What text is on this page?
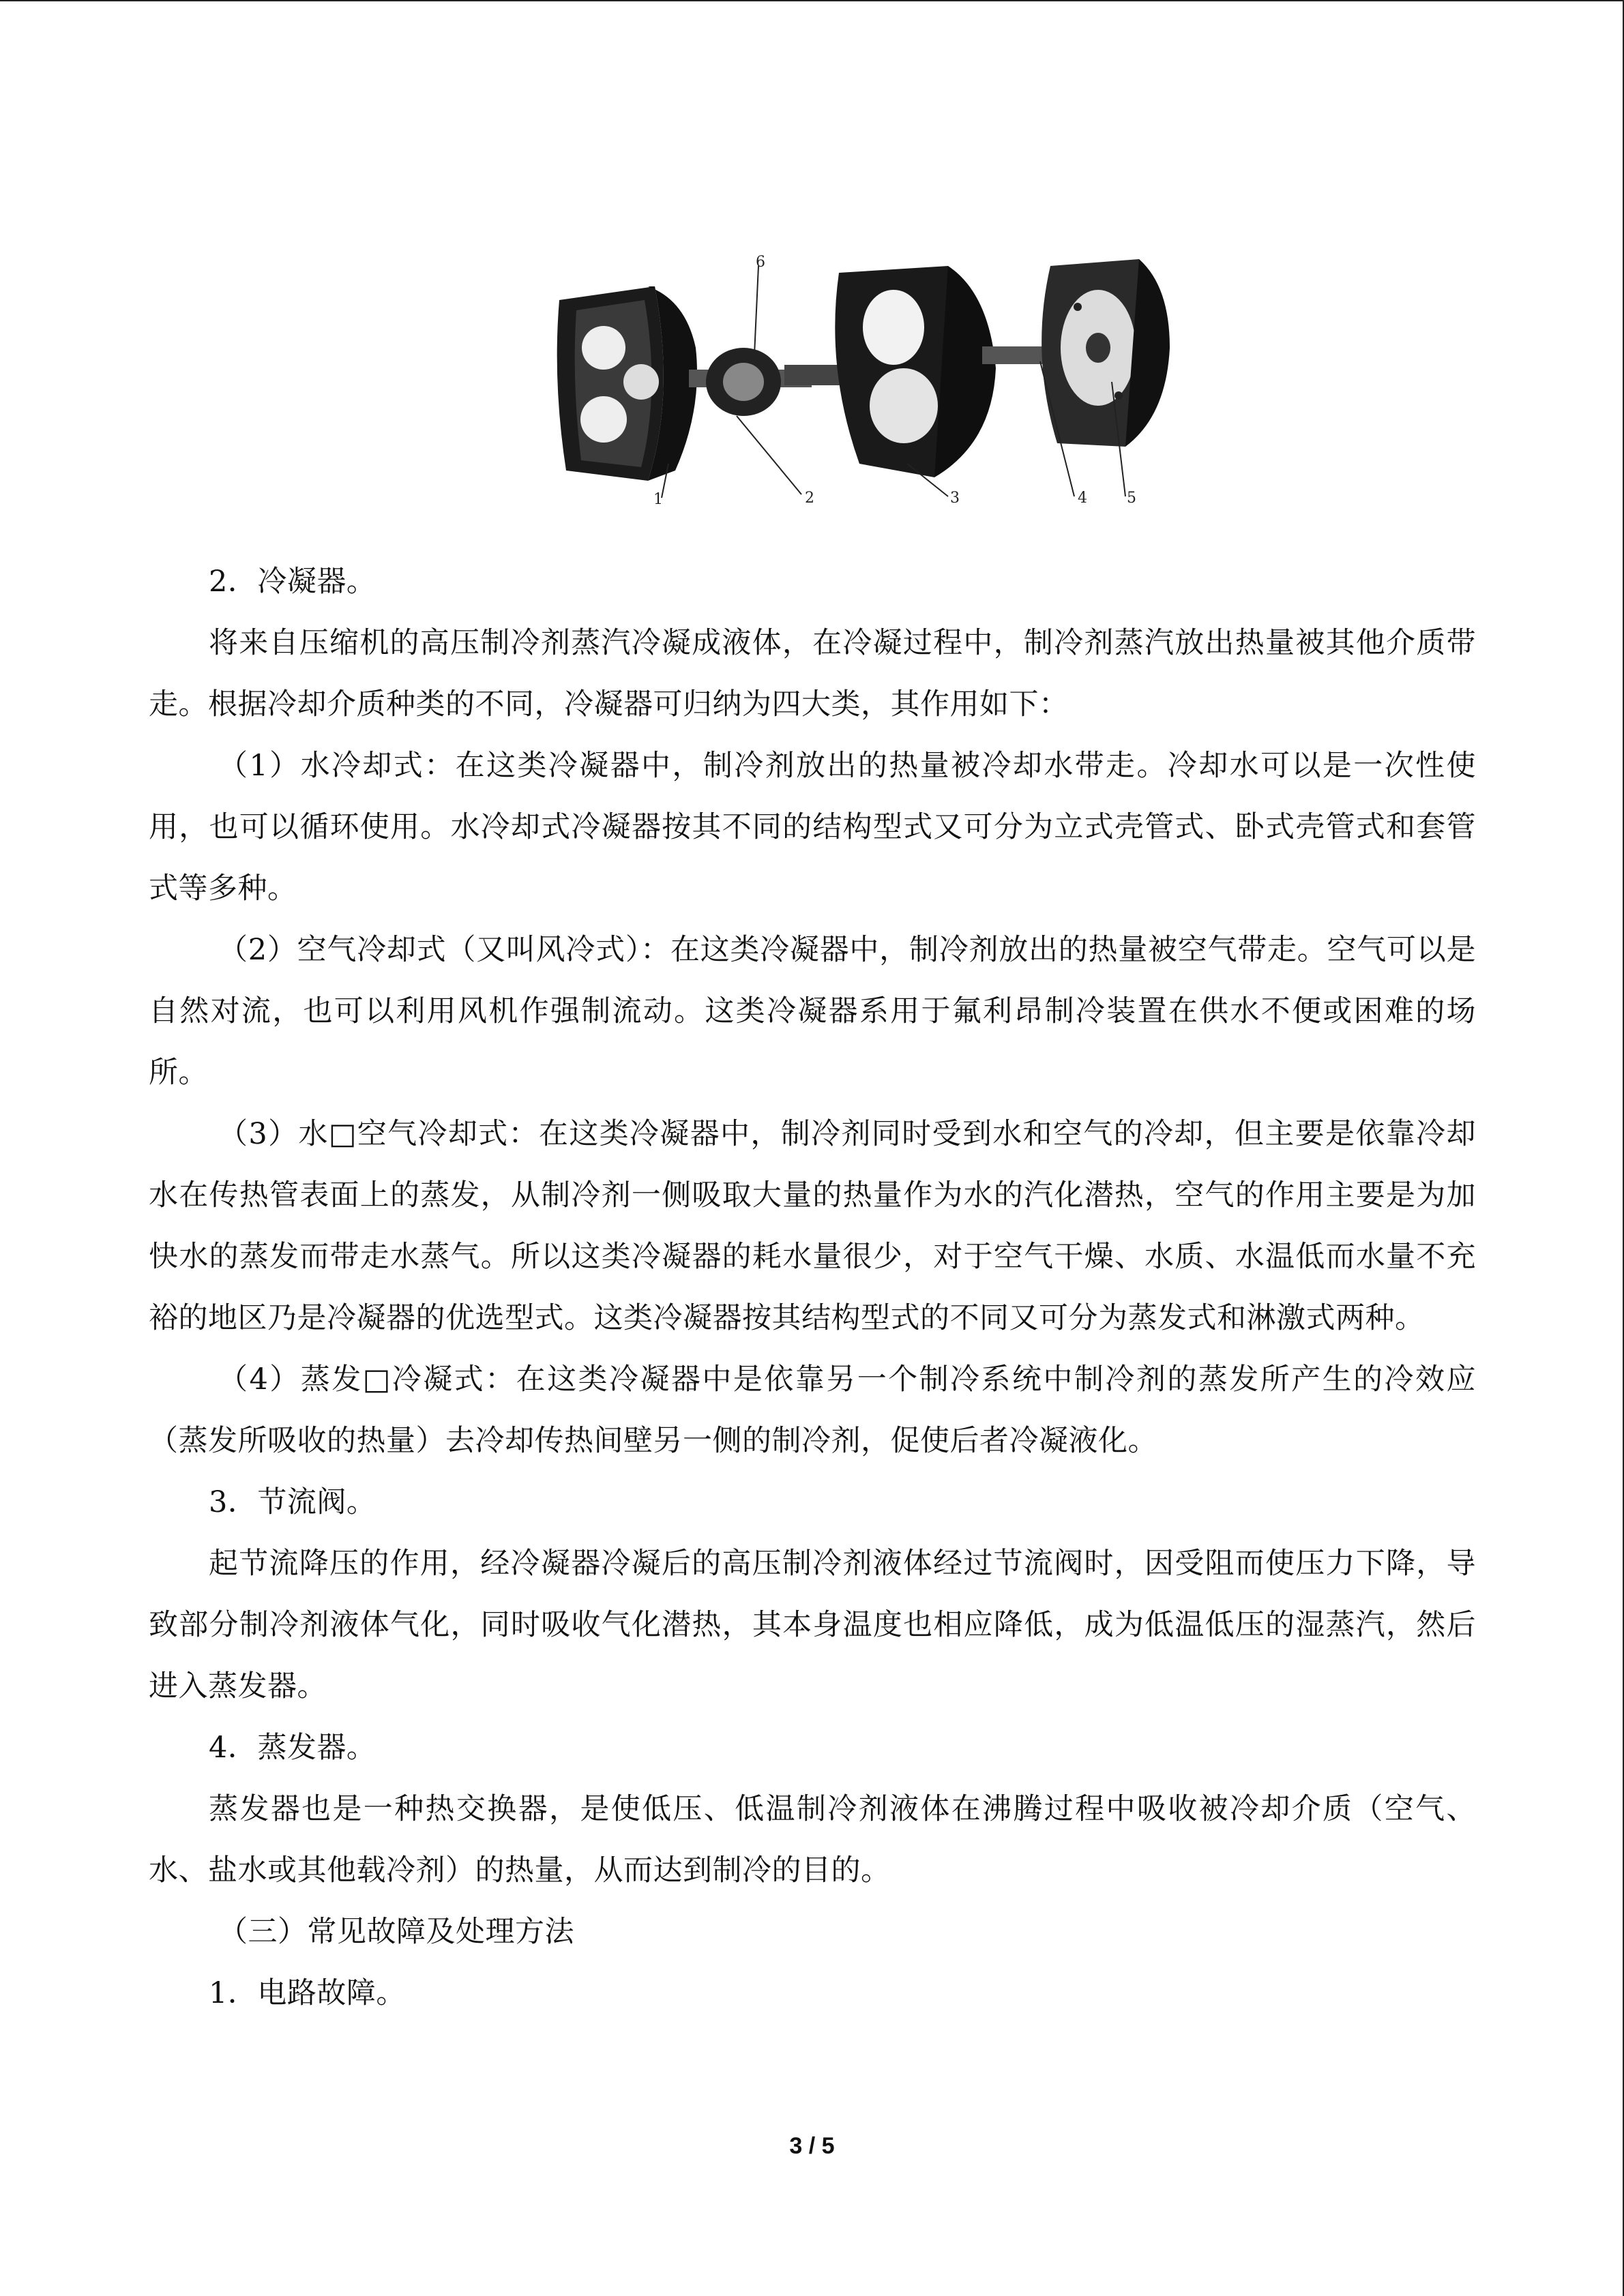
1	2	3	4	5
6

2．冷凝器。

将来自压缩机的高压制冷剂蒸汽冷凝成液体，在冷凝过程中，制冷剂蒸汽放出热量被其他介质带走。根据冷却介质种类的不同，冷凝器可归纳为四大类，其作用如下：

（1）水冷却式：在这类冷凝器中，制冷剂放出的热量被冷却水带走。冷却水可以是一次性使用，也可以循环使用。水冷却式冷凝器按其不同的结构型式又可分为立式壳管式、卧式壳管式和套管式等多种。

（2）空气冷却式（又叫风冷式）：在这类冷凝器中，制冷剂放出的热量被空气带走。空气可以是自然对流，也可以利用风机作强制流动。这类冷凝器系用于氟利昂制冷装置在供水不便或困难的场所。

（3）水□空气冷却式：在这类冷凝器中，制冷剂同时受到水和空气的冷却，但主要是依靠冷却水在传热管表面上的蒸发，从制冷剂一侧吸取大量的热量作为水的汽化潜热，空气的作用主要是为加快水的蒸发而带走水蒸气。所以这类冷凝器的耗水量很少，对于空气干燥、水质、水温低而水量不充裕的地区乃是冷凝器的优选型式。这类冷凝器按其结构型式的不同又可分为蒸发式和淋激式两种。

（4）蒸发□冷凝式：在这类冷凝器中是依靠另一个制冷系统中制冷剂的蒸发所产生的冷效应（蒸发所吸收的热量）去冷却传热间壁另一侧的制冷剂，促使后者冷凝液化。

3．节流阀。

起节流降压的作用，经冷凝器冷凝后的高压制冷剂液体经过节流阀时，因受阻而使压力下降，导致部分制冷剂液体气化，同时吸收气化潜热，其本身温度也相应降低，成为低温低压的湿蒸汽，然后进入蒸发器。

4．蒸发器。

蒸发器也是一种热交换器，是使低压、低温制冷剂液体在沸腾过程中吸收被冷却介质（空气、水、盐水或其他载冷剂）的热量，从而达到制冷的目的。

（三）常见故障及处理方法

1．电路故障。

3 / 5
